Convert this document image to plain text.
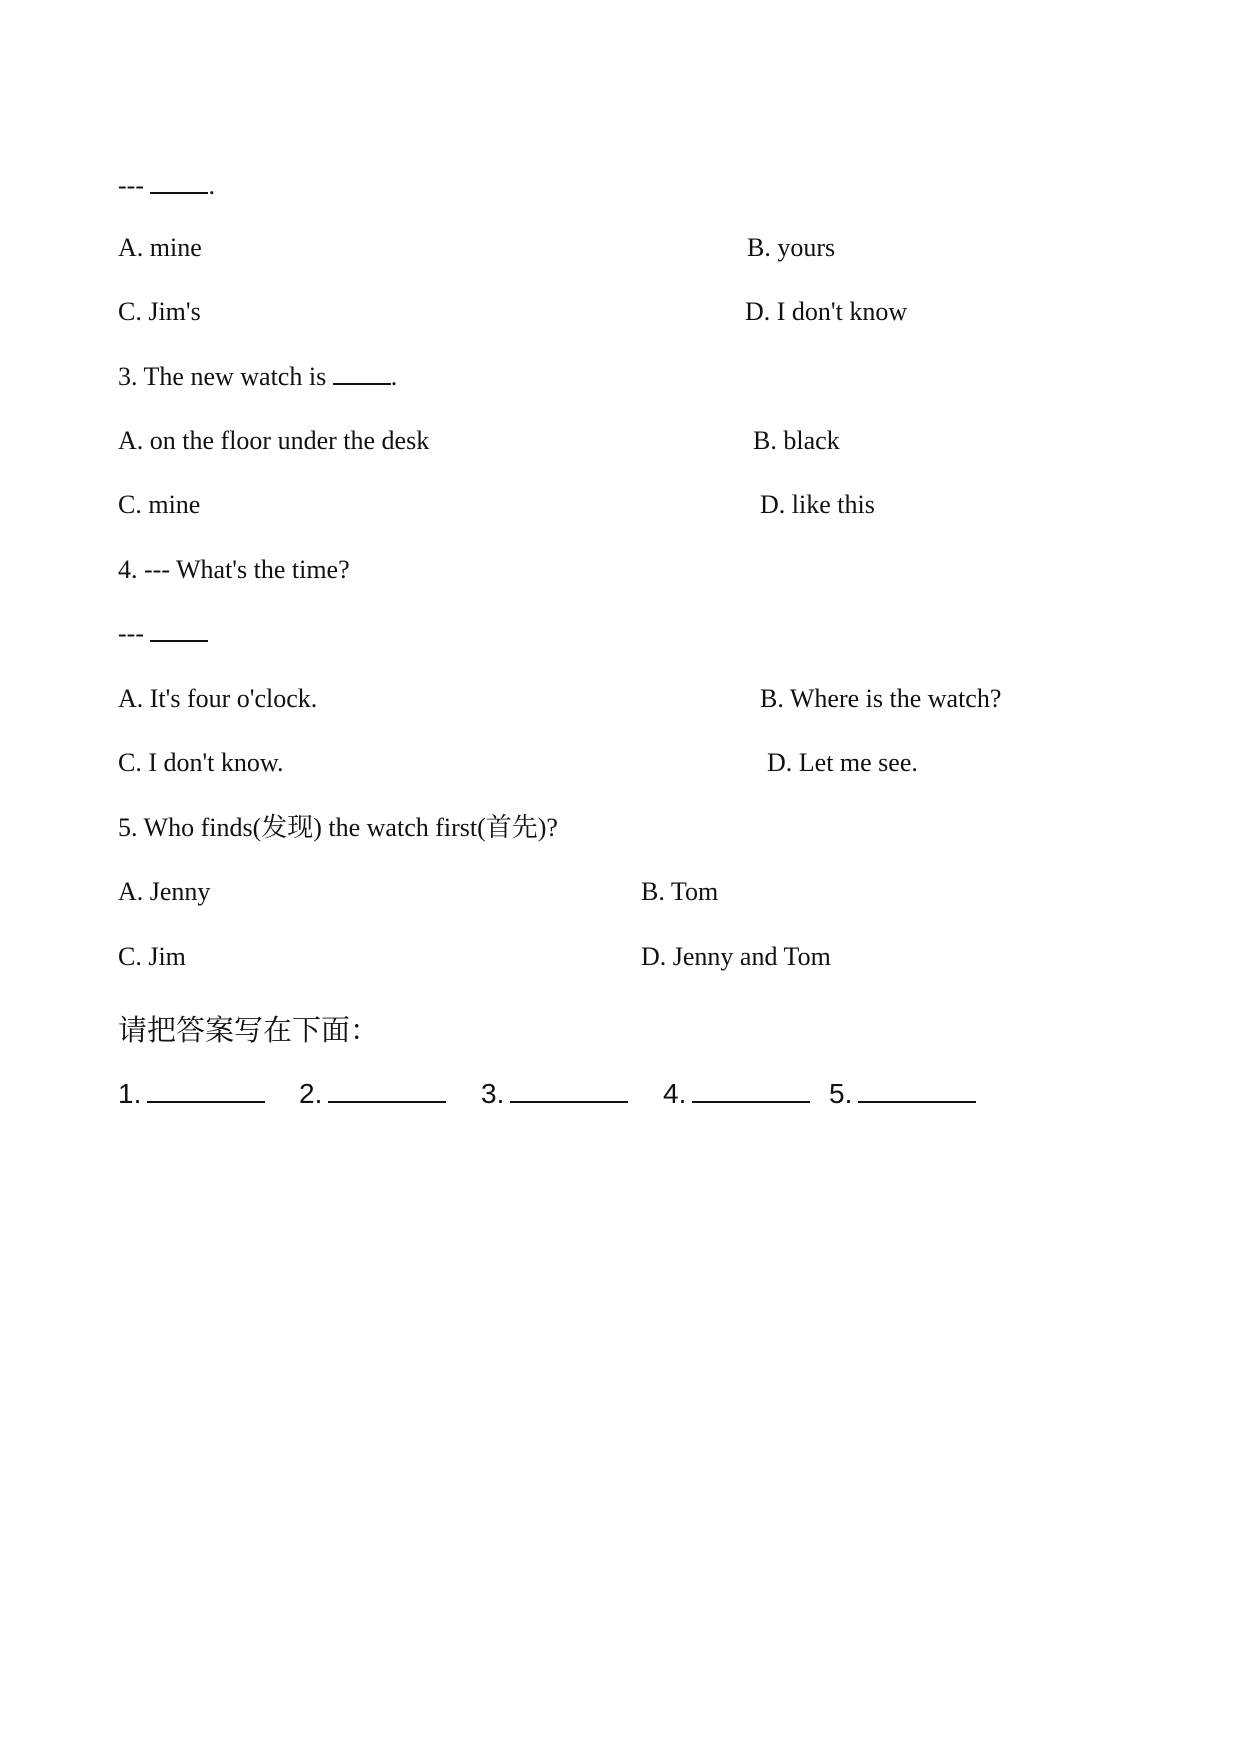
--- .
A. mine	B. yours
C. Jim's	D. I don't know
3. The new watch is .
A. on the floor under the desk	B. black
C. mine	D. like this
4. --- What's the time?
---
A. It's four o'clock.	B. Where is the watch?
C. I don't know.	D. Let me see.
5. Who finds(发现) the watch first(首先)?
A. Jenny	B. Tom
C. Jim	D. Jenny and Tom
请把答案写在下面：
1.	2.	3.	4.	5.
